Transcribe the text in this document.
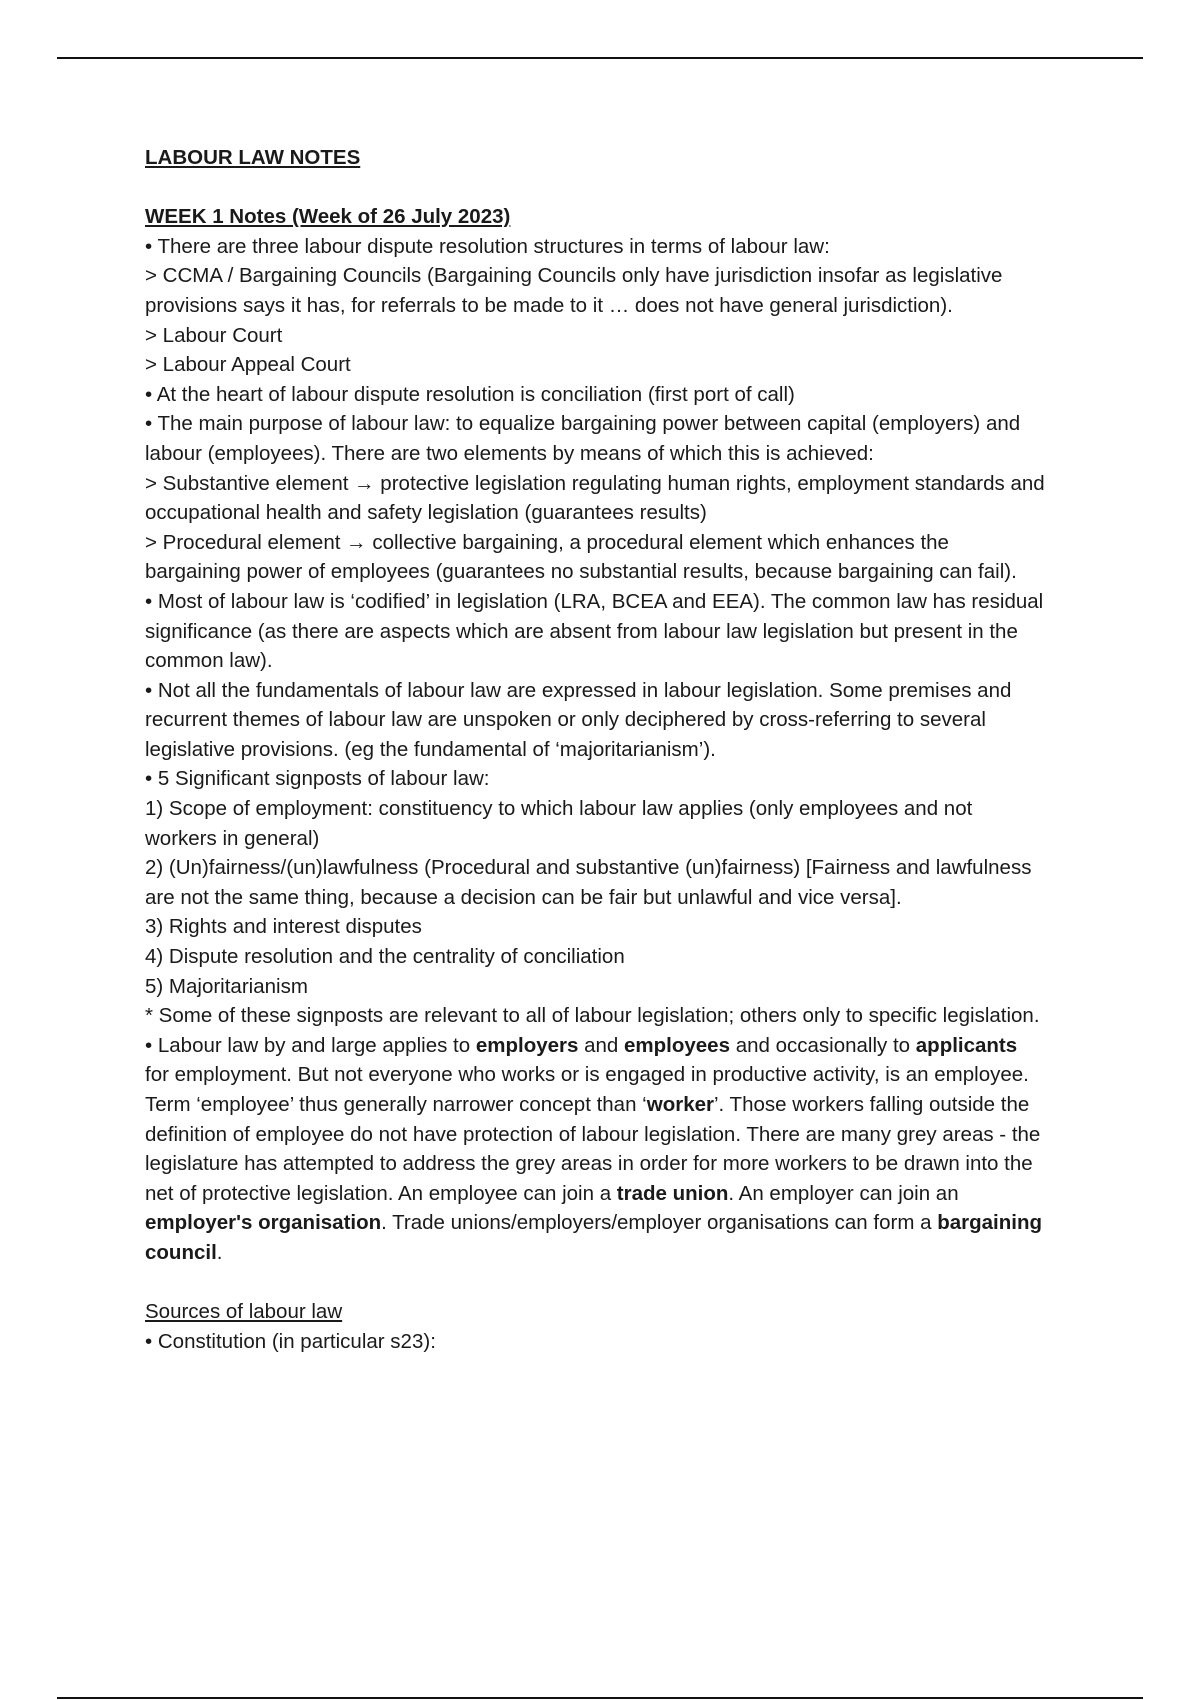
LABOUR LAW NOTES
WEEK 1 Notes (Week of 26 July 2023)
• There are three labour dispute resolution structures in terms of labour law:
> CCMA / Bargaining Councils (Bargaining Councils only have jurisdiction insofar as legislative provisions says it has, for referrals to be made to it … does not have general jurisdiction).
> Labour Court
> Labour Appeal Court
• At the heart of labour dispute resolution is conciliation (first port of call)
• The main purpose of labour law: to equalize bargaining power between capital (employers) and labour (employees). There are two elements by means of which this is achieved:
> Substantive element → protective legislation regulating human rights, employment standards and occupational health and safety legislation (guarantees results)
> Procedural element → collective bargaining, a procedural element which enhances the bargaining power of employees (guarantees no substantial results, because bargaining can fail).
• Most of labour law is ‘codified’ in legislation (LRA, BCEA and EEA). The common law has residual significance (as there are aspects which are absent from labour law legislation but present in the common law).
• Not all the fundamentals of labour law are expressed in labour legislation. Some premises and recurrent themes of labour law are unspoken or only deciphered by cross-referring to several legislative provisions. (eg the fundamental of ‘majoritarianism’).
• 5 Significant signposts of labour law:
1) Scope of employment: constituency to which labour law applies (only employees and not workers in general)
2) (Un)fairness/(un)lawfulness (Procedural and substantive (un)fairness) [Fairness and lawfulness are not the same thing, because a decision can be fair but unlawful and vice versa].
3) Rights and interest disputes
4) Dispute resolution and the centrality of conciliation
5) Majoritarianism
* Some of these signposts are relevant to all of labour legislation; others only to specific legislation.
• Labour law by and large applies to employers and employees and occasionally to applicants for employment. But not everyone who works or is engaged in productive activity, is an employee. Term ‘employee’ thus generally narrower concept than ‘worker’. Those workers falling outside the definition of employee do not have protection of labour legislation. There are many grey areas - the legislature has attempted to address the grey areas in order for more workers to be drawn into the net of protective legislation. An employee can join a trade union. An employer can join an employer's organisation. Trade unions/employers/employer organisations can form a bargaining council.
Sources of labour law
• Constitution (in particular s23):
